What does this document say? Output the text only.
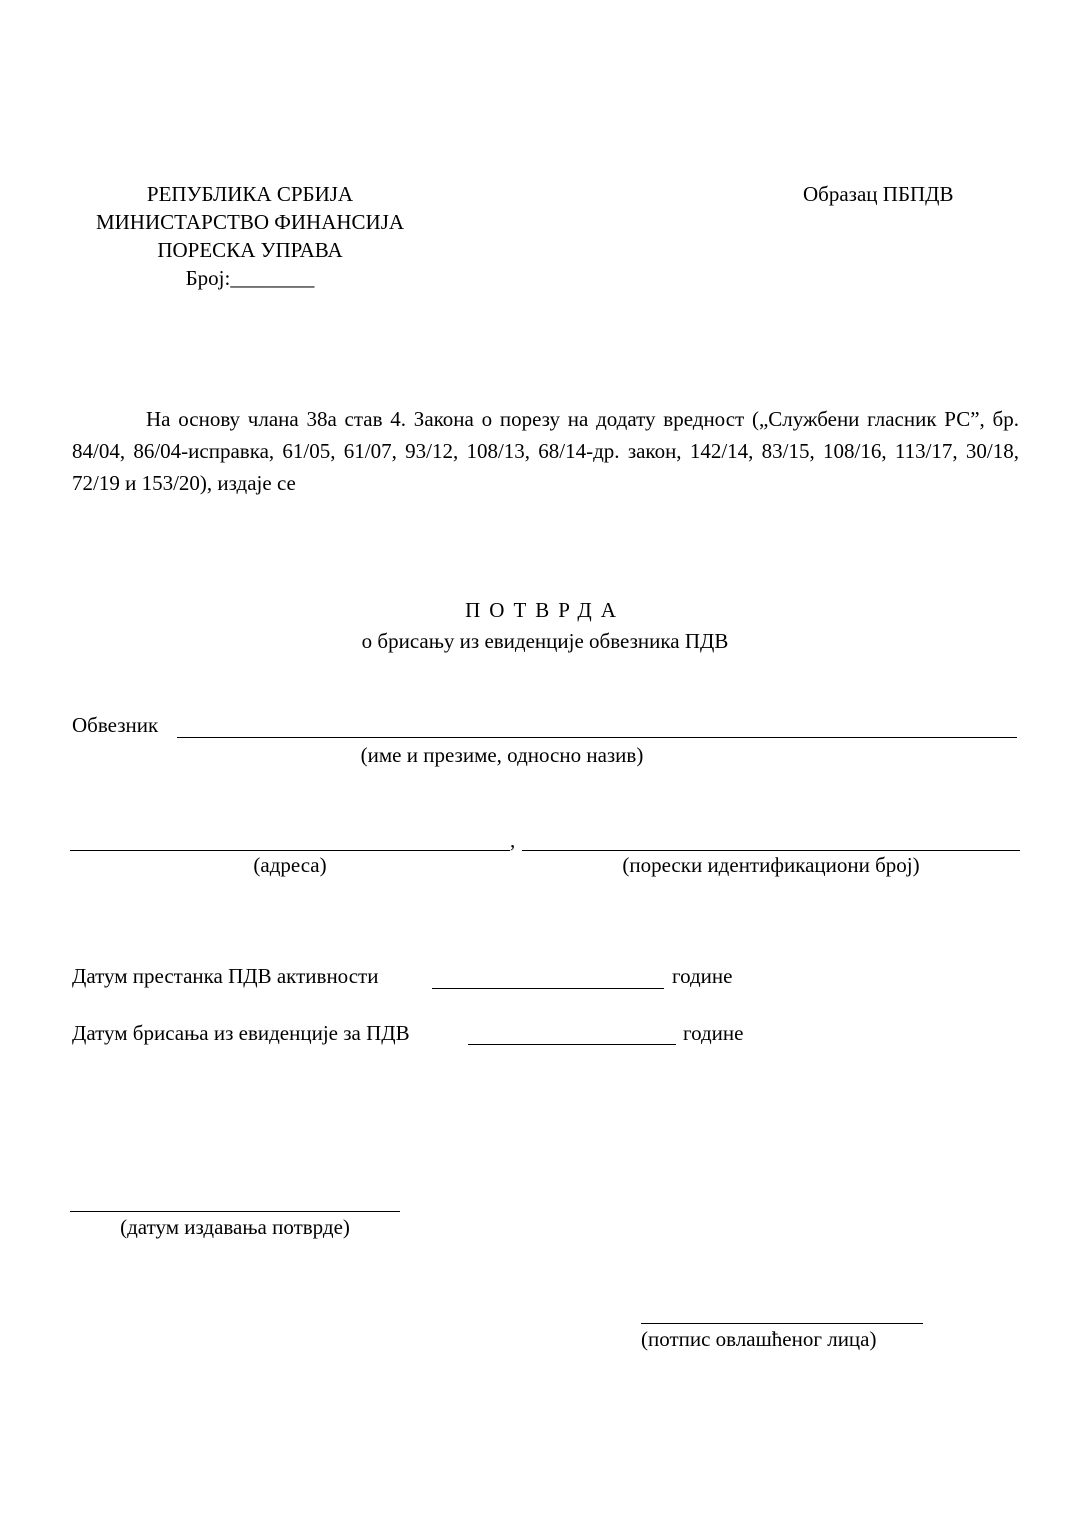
РЕПУБЛИКА СРБИЈА
МИНИСТАРСТВО ФИНАНСИЈА
ПОРЕСКА УПРАВА
Број:________
Образац ПБПДВ
На основу члана 38а став 4. Закона о порезу на додату вредност („Службени гласник РС”, бр. 84/04, 86/04-исправка, 61/05, 61/07, 93/12, 108/13, 68/14-др. закон, 142/14, 83/15, 108/16, 113/17, 30/18, 72/19 и 153/20), издаје се
ПОТВРДА
о брисању из евиденције обвезника ПДВ
Обвезник
(име и презиме, односно назив)
,
(адреса)	(порески идентификациони број)
Датум престанка ПДВ активности	године
Датум брисања из евиденције за ПДВ	године
(датум издавања потврде)
(потпис овлашћеног лица)
